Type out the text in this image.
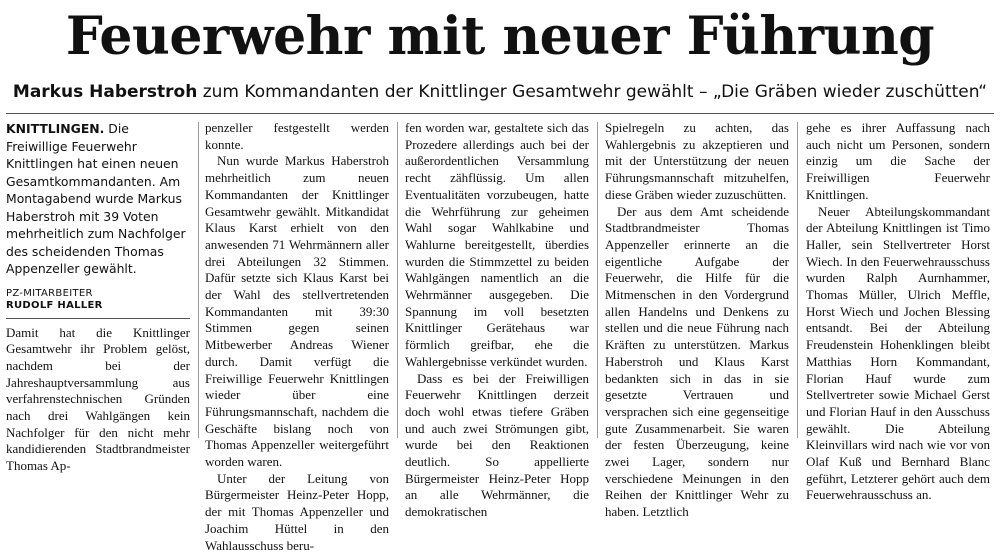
Feuerwehr mit neuer Führung
Markus Haberstroh zum Kommandanten der Knittlinger Gesamtwehr gewählt – „Die Gräben wieder zuschütten“
KNITTLINGEN. Die Freiwillige Feuerwehr Knittlingen hat einen neuen Gesamtkommandanten. Am Montagabend wurde Markus Haberstroh mit 39 Voten mehrheitlich zum Nachfolger des scheidenden Thomas Appenzeller gewählt.
PZ-MITARBEITER
RUDOLF HALLER

Damit hat die Knittlinger Gesamtwehr ihr Problem gelöst, nachdem bei der Jahreshauptversammlung aus verfahrenstechnischen Gründen nach drei Wahlgängen kein Nachfolger für den nicht mehr kandidierenden Stadtbrandmeister Thomas Ap-

penzeller festgestellt werden konnte.

Nun wurde Markus Haberstroh mehrheitlich zum neuen Kommandanten der Knittlinger Gesamtwehr gewählt. Mitkandidat Klaus Karst erhielt von den anwesenden 71 Wehrmännern aller drei Abteilungen 32 Stimmen. Dafür setzte sich Klaus Karst bei der Wahl des stellvertretenden Kommandanten mit 39:30 Stimmen gegen seinen Mitbewerber Andreas Wiener durch. Damit verfügt die Freiwillige Feuerwehr Knittlingen wieder über eine Führungsmannschaft, nachdem die Geschäfte bislang noch von Thomas Appenzeller weitergeführt worden waren.

Unter der Leitung von Bürgermeister Heinz-Peter Hopp, der mit Thomas Appenzeller und Joachim Hüttel in den Wahlausschuss beru-

fen worden war, gestaltete sich das Prozedere allerdings auch bei der außerordentlichen Versammlung recht zähflüssig. Um allen Eventualitäten vorzubeugen, hatte die Wehrführung zur geheimen Wahl sogar Wahlkabine und Wahlurne bereitgestellt, überdies wurden die Stimmzettel zu beiden Wahlgängen namentlich an die Wehrmänner ausgegeben. Die Spannung im voll besetzten Knittlinger Gerätehaus war förmlich greifbar, ehe die Wahlergebnisse verkündet wurden.

Dass es bei der Freiwilligen Feuerwehr Knittlingen derzeit doch wohl etwas tiefere Gräben und auch zwei Strömungen gibt, wurde bei den Reaktionen deutlich. So appellierte Bürgermeister Heinz-Peter Hopp an alle Wehrmänner, die demokratischen

Spielregeln zu achten, das Wahlergebnis zu akzeptieren und mit der Unterstützung der neuen Führungsmannschaft mitzuhelfen, diese Gräben wieder zuzuschütten.

Der aus dem Amt scheidende Stadtbrandmeister Thomas Appenzeller erinnerte an die eigentliche Aufgabe der Feuerwehr, die Hilfe für die Mitmenschen in den Vordergrund allen Handelns und Denkens zu stellen und die neue Führung nach Kräften zu unterstützen. Markus Haberstroh und Klaus Karst bedankten sich in das in sie gesetzte Vertrauen und versprachen sich eine gegenseitige gute Zusammenarbeit. Sie waren der festen Überzeugung, keine zwei Lager, sondern nur verschiedene Meinungen in den Reihen der Knittlinger Wehr zu haben. Letztlich

gehe es ihrer Auffassung nach auch nicht um Personen, sondern einzig um die Sache der Freiwilligen Feuerwehr Knittlingen.

Neuer Abteilungskommandant der Abteilung Knittlingen ist Timo Haller, sein Stellvertreter Horst Wiech. In den Feuerwehrausschuss wurden Ralph Aurnhammer, Thomas Müller, Ulrich Meffle, Horst Wiech und Jochen Blessing entsandt. Bei der Abteilung Freudenstein Hohenklingen bleibt Matthias Horn Kommandant, Florian Hauf wurde zum Stellvertreter sowie Michael Gerst und Florian Hauf in den Ausschuss gewählt. Die Abteilung Kleinvillars wird nach wie vor von Olaf Kuß und Bernhard Blanc geführt, Letzterer gehört auch dem Feuerwehrausschuss an.
